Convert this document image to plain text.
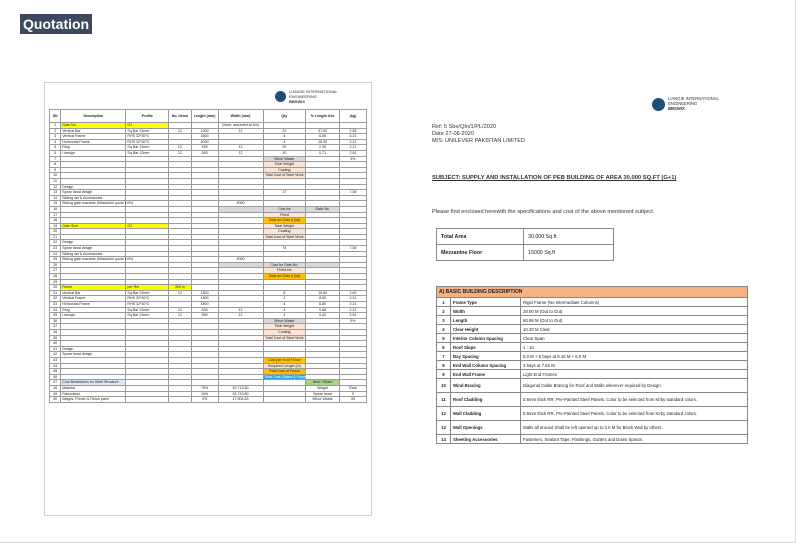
Quotation
LIANGIE INTERNATIONAL
ENGINEERING
BBSWIX
SN	Description	Profile	No. items	Length (mm)	Width (mm)	Qty	% Length Use	(kg)
1	Gate No.	G1			(Note: assumed at 4m)			
2	Vertical Bar	Sq Bar 12mm	12	1000	12	22	47.00	2.83
3	Vertical Frame	RHS 32*30*3		2800		4	6.80	5.21
4	Horizontal Frame	RHS 32*30*3		4000		4	18.00	2.21
5	Ring	Sq Bar 12mm	12	535	12	20	2.35	2.21
6	I design	Sq Bar 12mm	12	590	12	10	0.71	2.81
7						Minor Waste		5%
8						Total Weight		
9						Coating		
10						Total Cost of Steel Work		
11								
12	Design							
13	Spear head design					27		7.56
14	Sliding rail & Accessories							
15	Sliding gate machine (Mitsubishi quote 10%)				9000			
16						Cost for	Gate No.	
17						Fixed		
18						Total for Gate A (lot)		
19	Gate Size	G2				Total Weight		
20						Coating		
21						Total Cost of Steel Work		
22	Design							
23	Spear head design					74		7.56
24	Sliding rail & Accessories							
25	Sliding gate machine (Mitsubishi quote 10%)				9000			
26						Cost for Gate No.		
27						Fixed etc		
28						Total for Gate A (lot)		
29								
30	Fence	per Rm	300 m					
31	Vertical Bar	Sq Bar 12mm	12	1800		8	15.80	2.83
32	Vertical Frame	RHS 32*30*3		1800		2	8.60	2.21
33	Horizontal Frame	RHS 32*30*3		1800		4	6.80	2.21
34	Ring	Sq Bar 12mm	12	535	12	4	0.88	2.21
35	I design	Sq Bar 12mm	12	590	12	4	0.42	2.81
36						Minor Waste		5%
37						Total Weight		
38						Coating		
39						Total Cost of Steel Work		
40								
41	Design							
42	Spear head design							
43						Cost per m of Fence		
44						Required Length (m)		
45						Total Cost of Fence		
46						Total Cost (Gates & Fence)		
47	Cost Breakdown for Steel Structure						Item / Share	
48	Material			75%	92,713.80		Weight	Rate
49	Fabrication			15%	92,713.80		Spear head	0
50	Wages, Primer & Finish paint			9%	17,904.83		Minor Waste	95
LIANGIE INTERNATIONAL
ENGINEERING
BBSWIX
Ref: 5 Sbe/Qtn/1/PL/2020
Date 27-06-2020
M/S: UNILEVER PAKISTAN LIMITED
SUBJECT: SUPPLY AND INSTALLATION OF PEB BUILDING OF AREA 30,000 SQ.FT (G+1)
Please find enclosed herewith the specifications and cost of the above mentioned subject.
Total Area	30,000 Sq.ft
Mezzanine Floor	15000 Sq.ft
A) BASIC BUILDING DESCRIPTION		
1	Frame Type	Rigid Frame (No Intermediate Columns)
2	Width	28.00 M (Out to Out)
3	Length	60.96 M (Out to Out)
4	Clear Height	10.20 M Clear
5	Interior Column Spacing	Clear Span
6	Roof Slope	1 : 10
7	Bay Spacing	6.0 M + 8 bays at 8.16 M + 6.0 M
8	End Wall Column Spacing	3 bays at 7.62 M
9	End Wall Frame	Light End Frames
10	Wind Bracing	Diagonal Cable Bracing for Roof and Walls wherever required by Design.
11	Roof Cladding	0.5mm thick RR, Pre-Painted Steel Panels. Color to be selected from Kirby standard colors.
12	Wall Cladding	0.5mm thick RR, Pre-Painted Steel Panels. Color to be selected from Kirby standard colors.
13	Wall Openings	Walls all around Shall be left opened up to 3.0 M for Block Wall by others.
14	Sheeting Accessories	Fasteners, Sealant Tape, Flashings, Gutters and Down Spouts.
